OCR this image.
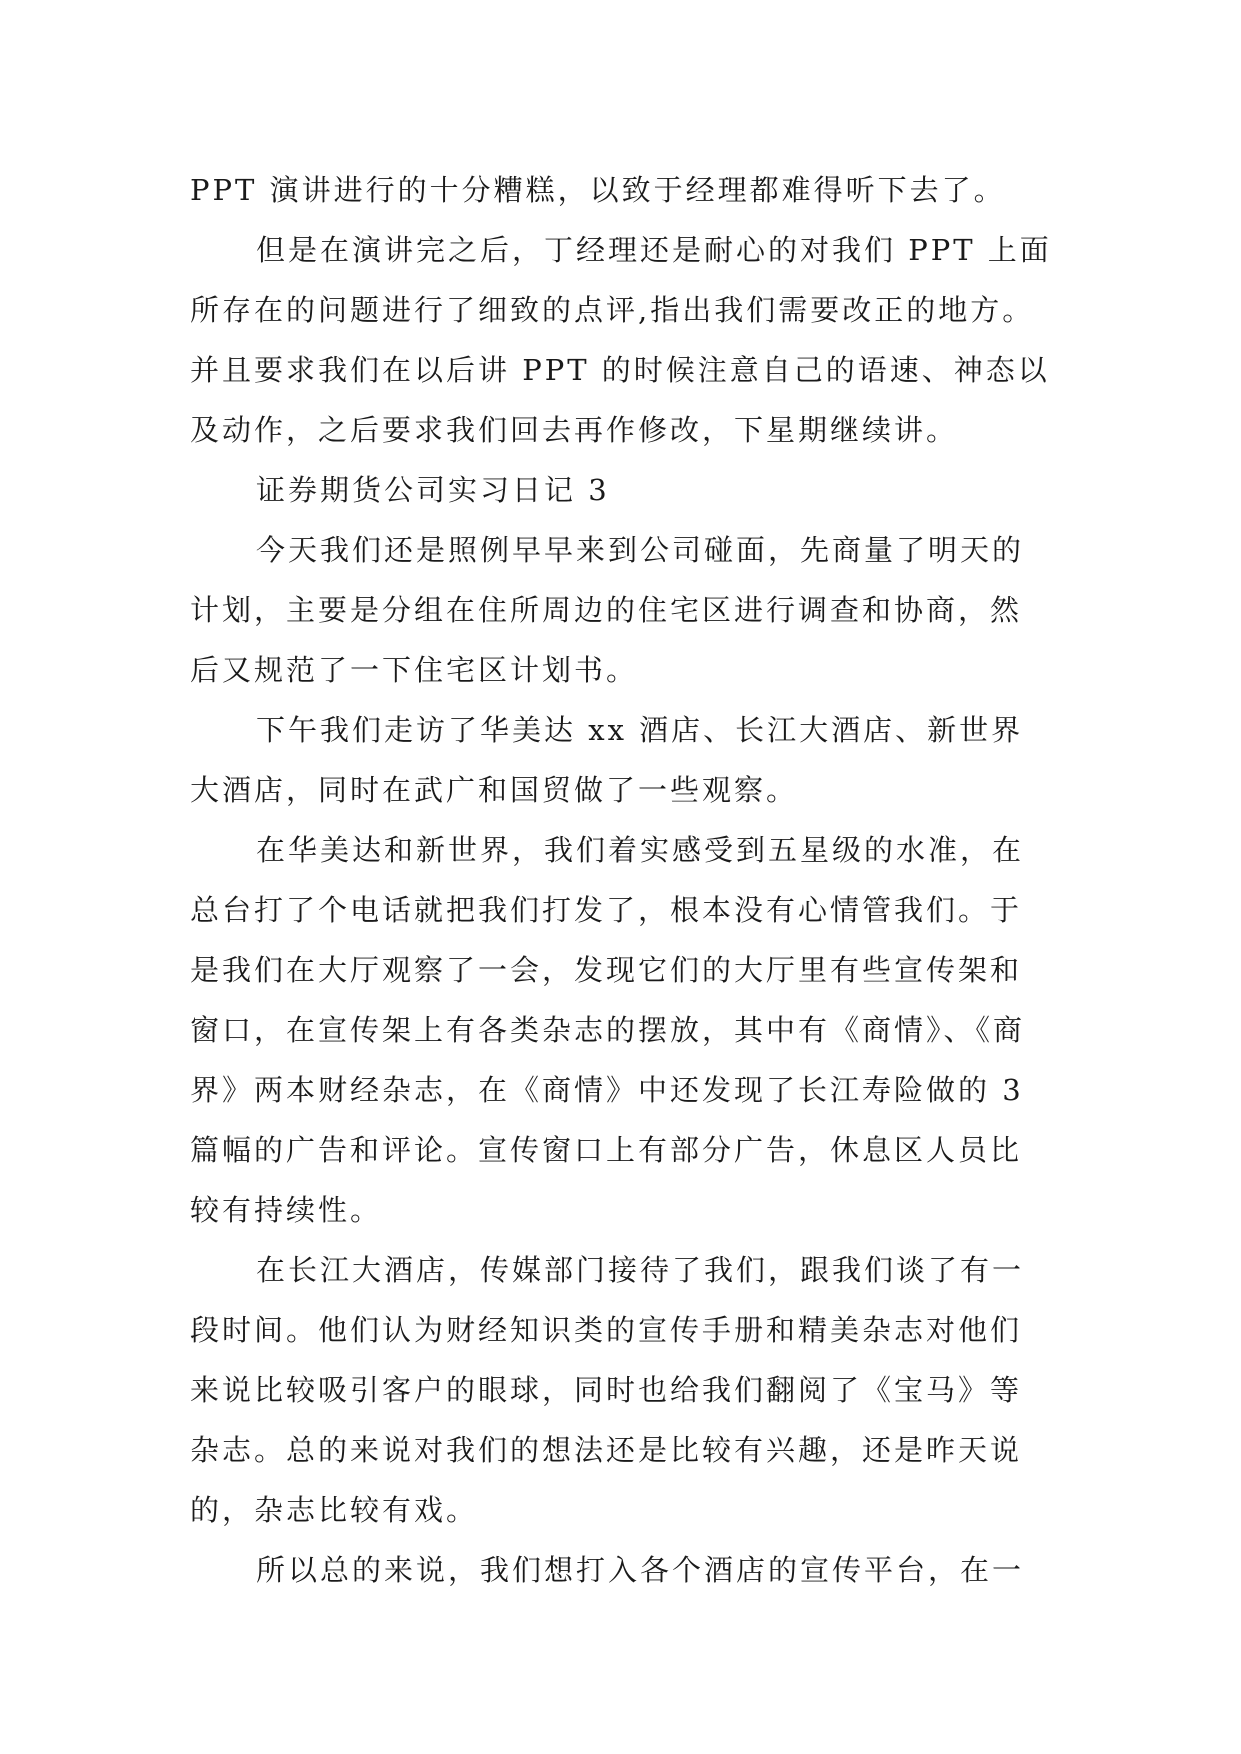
PPT 演讲进行的十分糟糕，以致于经理都难得听下去了。
但是在演讲完之后，丁经理还是耐心的对我们 PPT 上面
所存在的问题进行了细致的点评,指出我们需要改正的地方。
并且要求我们在以后讲 PPT 的时候注意自己的语速、神态以
及动作，之后要求我们回去再作修改，下星期继续讲。
证券期货公司实习日记 3
今天我们还是照例早早来到公司碰面，先商量了明天的
计划，主要是分组在住所周边的住宅区进行调查和协商，然
后又规范了一下住宅区计划书。
下午我们走访了华美达 xx 酒店、长江大酒店、新世界
大酒店，同时在武广和国贸做了一些观察。
在华美达和新世界，我们着实感受到五星级的水准，在
总台打了个电话就把我们打发了，根本没有心情管我们。于
是我们在大厅观察了一会，发现它们的大厅里有些宣传架和
窗口，在宣传架上有各类杂志的摆放，其中有《商情》、《商
界》两本财经杂志，在《商情》中还发现了长江寿险做的 3
篇幅的广告和评论。宣传窗口上有部分广告，休息区人员比
较有持续性。
在长江大酒店，传媒部门接待了我们，跟我们谈了有一
段时间。他们认为财经知识类的宣传手册和精美杂志对他们
来说比较吸引客户的眼球，同时也给我们翻阅了《宝马》等
杂志。总的来说对我们的想法还是比较有兴趣，还是昨天说
的，杂志比较有戏。
所以总的来说，我们想打入各个酒店的宣传平台，在一
